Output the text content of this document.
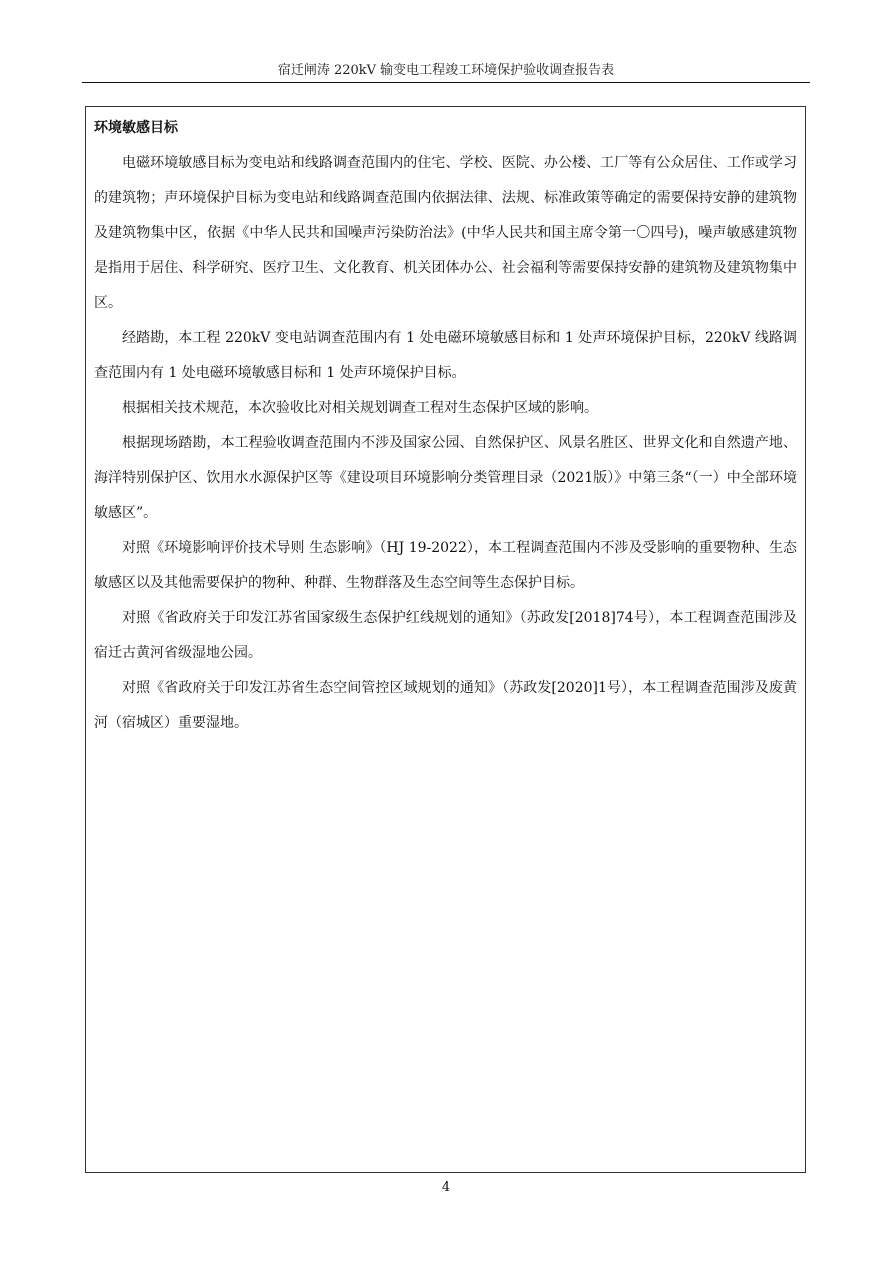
宿迁闸涛 220kV 输变电工程竣工环境保护验收调查报告表

环境敏感目标

电磁环境敏感目标为变电站和线路调查范围内的住宅、学校、医院、办公楼、工厂等有公众居住、工作或学习的建筑物；声环境保护目标为变电站和线路调查范围内依据法律、法规、标准政策等确定的需要保持安静的建筑物及建筑物集中区，依据《中华人民共和国噪声污染防治法》(中华人民共和国主席令第一〇四号)，噪声敏感建筑物是指用于居住、科学研究、医疗卫生、文化教育、机关团体办公、社会福利等需要保持安静的建筑物及建筑物集中区。

经踏勘，本工程 220kV 变电站调查范围内有 1 处电磁环境敏感目标和 1 处声环境保护目标，220kV 线路调查范围内有 1 处电磁环境敏感目标和 1 处声环境保护目标。

根据相关技术规范，本次验收比对相关规划调查工程对生态保护区域的影响。

根据现场踏勘，本工程验收调查范围内不涉及国家公园、自然保护区、风景名胜区、世界文化和自然遗产地、海洋特别保护区、饮用水水源保护区等《建设项目环境影响分类管理目录（2021版）》中第三条“（一）中全部环境敏感区”。

对照《环境影响评价技术导则 生态影响》（HJ 19-2022），本工程调查范围内不涉及受影响的重要物种、生态敏感区以及其他需要保护的物种、种群、生物群落及生态空间等生态保护目标。

对照《省政府关于印发江苏省国家级生态保护红线规划的通知》（苏政发[2018]74号），本工程调查范围涉及宿迁古黄河省级湿地公园。

对照《省政府关于印发江苏省生态空间管控区域规划的通知》（苏政发[2020]1号），本工程调查范围涉及废黄河（宿城区）重要湿地。

4
